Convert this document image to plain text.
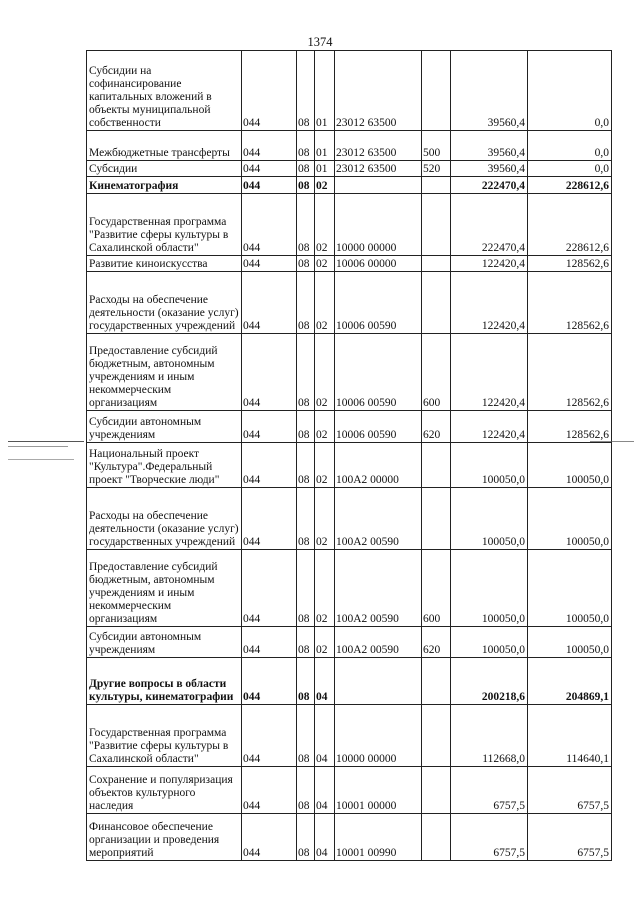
1374
Субсидии на софинансирование капитальных вложений в объекты муниципальной собственности	044	08	01	23012 63500		39560,4	0,0
Межбюджетные трансферты	044	08	01	23012 63500	500	39560,4	0,0
Субсидии	044	08	01	23012 63500	520	39560,4	0,0
Кинематография	044	08	02			222470,4	228612,6
Государственная программа "Развитие сферы культуры в Сахалинской области"	044	08	02	10000 00000		222470,4	228612,6
Развитие киноискусства	044	08	02	10006 00000		122420,4	128562,6
Расходы на обеспечение деятельности (оказание услуг) государственных учреждений	044	08	02	10006 00590		122420,4	128562,6
Предоставление субсидий бюджетным, автономным учреждениям и иным некоммерческим организациям	044	08	02	10006 00590	600	122420,4	128562,6
Субсидии автономным учреждениям	044	08	02	10006 00590	620	122420,4	128562,6
Национальный проект "Культура".Федеральный проект "Творческие люди"	044	08	02	100А2 00000		100050,0	100050,0
Расходы на обеспечение деятельности (оказание услуг) государственных учреждений	044	08	02	100А2 00590		100050,0	100050,0
Предоставление субсидий бюджетным, автономным учреждениям и иным некоммерческим организациям	044	08	02	100А2 00590	600	100050,0	100050,0
Субсидии автономным учреждениям	044	08	02	100А2 00590	620	100050,0	100050,0
Другие вопросы в области культуры, кинематографии	044	08	04			200218,6	204869,1
Государственная программа "Развитие сферы культуры в Сахалинской области"	044	08	04	10000 00000		112668,0	114640,1
Сохранение и популяризация объектов культурного наследия	044	08	04	10001 00000		6757,5	6757,5
Финансовое обеспечение организации и проведения мероприятий	044	08	04	10001 00990		6757,5	6757,5
